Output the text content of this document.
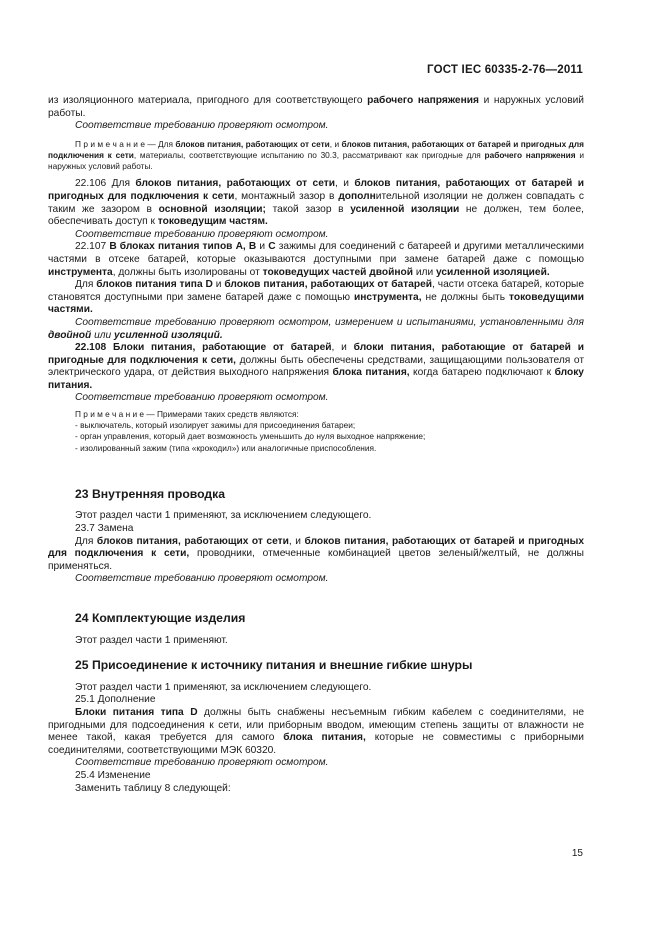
ГОСТ IEC 60335-2-76—2011

из изоляционного материала, пригодного для соответствующего рабочего напряжения и наружных условий работы.

Соответствие требованию проверяют осмотром.

П р и м е ч а н и е — Для блоков питания, работающих от сети, и блоков питания, работающих от батарей и пригодных для подключения к сети, материалы, соответствующие испытанию по 30.3, рассматривают как пригодные для рабочего напряжения и наружных условий работы.

22.106 Для блоков питания, работающих от сети, и блоков питания, работающих от батарей и пригодных для подключения к сети, монтажный зазор в дополнительной изоляции не должен совпадать с таким же зазором в основной изоляции; такой зазор в усиленной изоляции не должен, тем более, обеспечивать доступ к токоведущим частям.

Соответствие требованию проверяют осмотром.

22.107 В блоках питания типов A, B и C зажимы для соединений с батареей и другими металлическими частями в отсеке батарей, которые оказываются доступными при замене батарей даже с помощью инструмента, должны быть изолированы от токоведущих частей двойной или усиленной изоляцией.

Для блоков питания типа D и блоков питания, работающих от батарей, части отсека батарей, которые становятся доступными при замене батарей даже с помощью инструмента, не должны быть токоведущими частями.

Соответствие требованию проверяют осмотром, измерением и испытаниями, установленными для двойной или усиленной изоляций.

22.108 Блоки питания, работающие от батарей, и блоки питания, работающие от батарей и пригодные для подключения к сети, должны быть обеспечены средствами, защищающими пользователя от электрического удара, от действия выходного напряжения блока питания, когда батарею подключают к блоку питания.

Соответствие требованию проверяют осмотром.

П р и м е ч а н и е — Примерами таких средств являются:

- выключатель, который изолирует зажимы для присоединения батареи;

- орган управления, который дает возможность уменьшить до нуля выходное напряжение;

- изолированный зажим (типа «крокодил») или аналогичные приспособления.

23 Внутренняя проводка

Этот раздел части 1 применяют, за исключением следующего.

23.7 Замена

Для блоков питания, работающих от сети, и блоков питания, работающих от батарей и пригодных для подключения к сети, проводники, отмеченные комбинацией цветов зеленый/желтый, не должны применяться.

Соответствие требованию проверяют осмотром.

24 Комплектующие изделия

Этот раздел части 1 применяют.

25 Присоединение к источнику питания и внешние гибкие шнуры

Этот раздел части 1 применяют, за исключением следующего.

25.1 Дополнение

Блоки питания типа D должны быть снабжены несъемным гибким кабелем с соединителями, не пригодными для подсоединения к сети, или приборным вводом, имеющим степень защиты от влажности не менее такой, какая требуется для самого блока питания, которые не совместимы с приборными соединителями, соответствующими МЭК 60320.

Соответствие требованию проверяют осмотром.

25.4 Изменение

Заменить таблицу 8 следующей:

15
